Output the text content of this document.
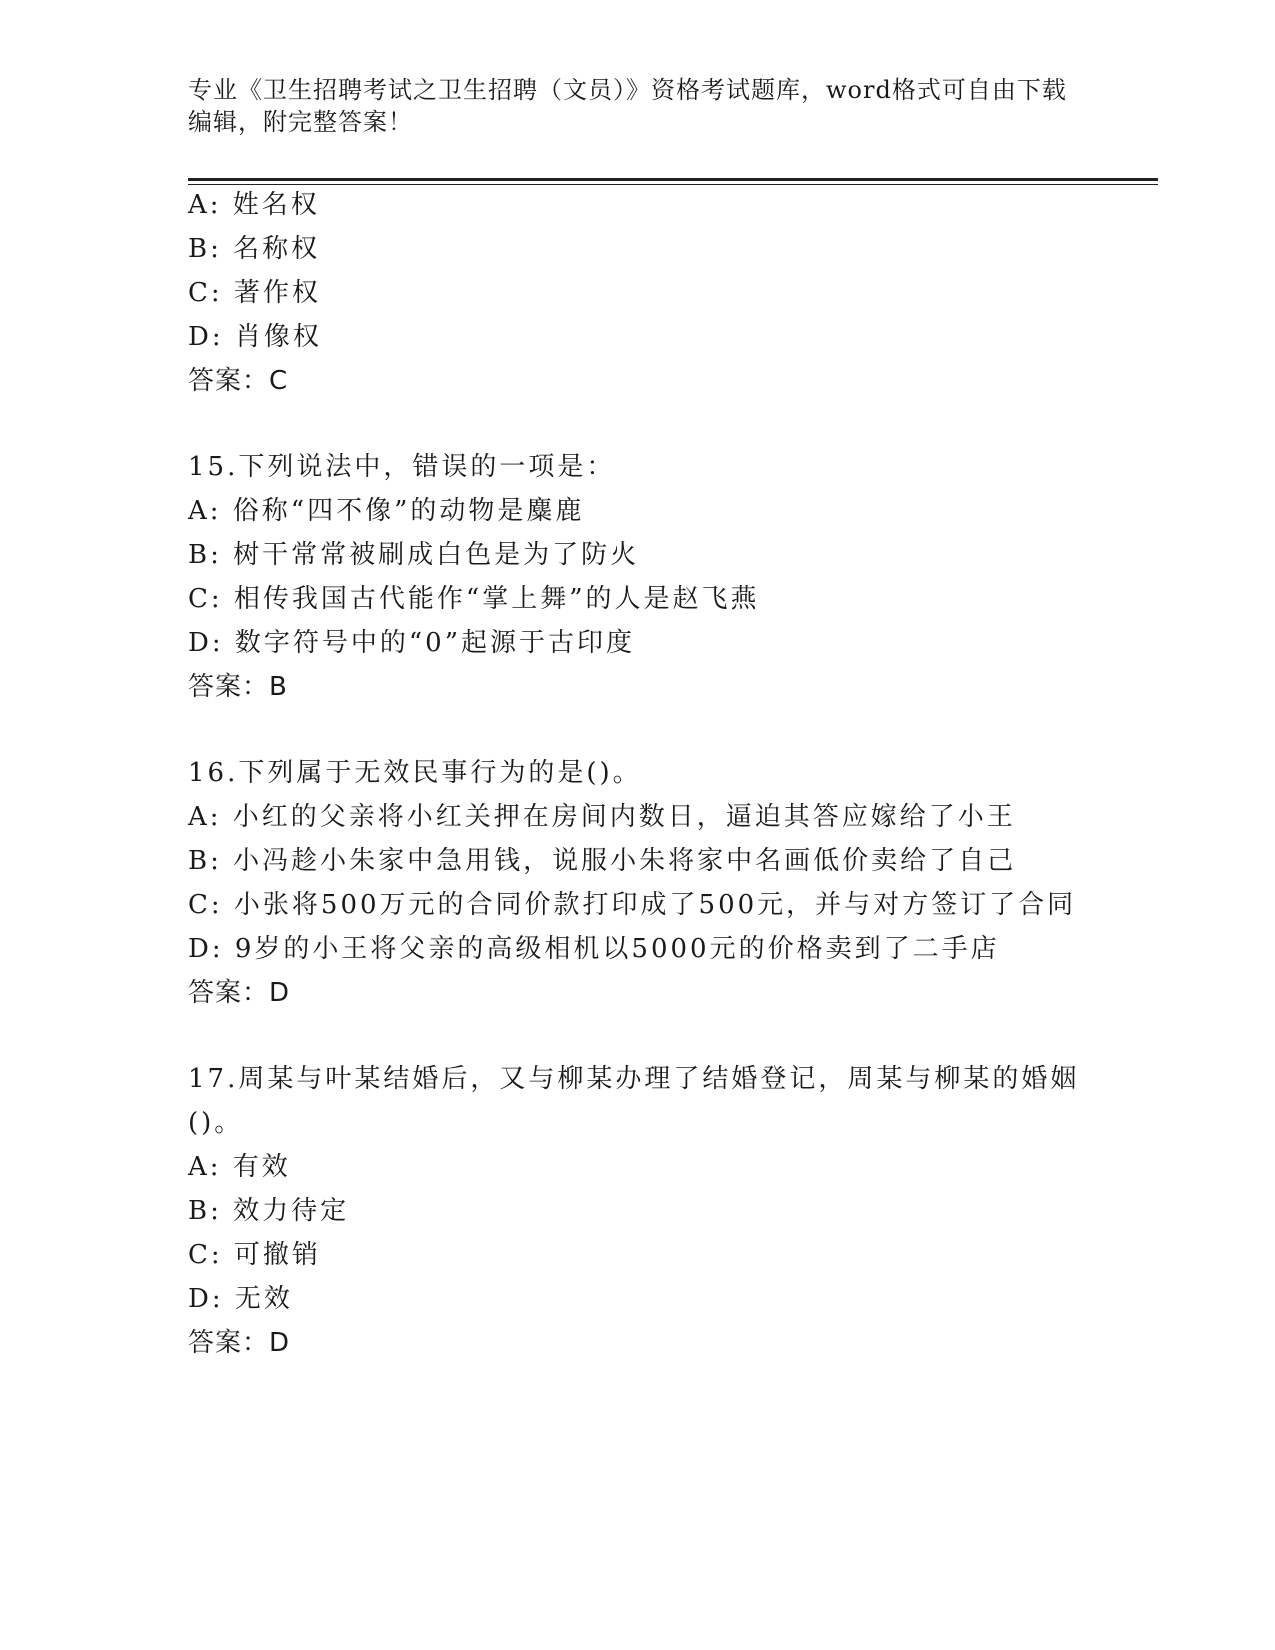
专业《卫生招聘考试之卫生招聘（文员）》资格考试题库，word格式可自由下载
编辑，附完整答案！
A: 姓名权
B: 名称权
C: 著作权
D: 肖像权
答案：C
15.下列说法中，错误的一项是：
A: 俗称“四不像”的动物是麋鹿
B: 树干常常被刷成白色是为了防火
C: 相传我国古代能作“掌上舞”的人是赵飞燕
D: 数字符号中的“0”起源于古印度
答案：B
16.下列属于无效民事行为的是()。
A: 小红的父亲将小红关押在房间内数日，逼迫其答应嫁给了小王
B: 小冯趁小朱家中急用钱，说服小朱将家中名画低价卖给了自己
C: 小张将500万元的合同价款打印成了500元，并与对方签订了合同
D: 9岁的小王将父亲的高级相机以5000元的价格卖到了二手店
答案：D
17.周某与叶某结婚后，又与柳某办理了结婚登记，周某与柳某的婚姻
()。
A: 有效
B: 效力待定
C: 可撤销
D: 无效
答案：D
